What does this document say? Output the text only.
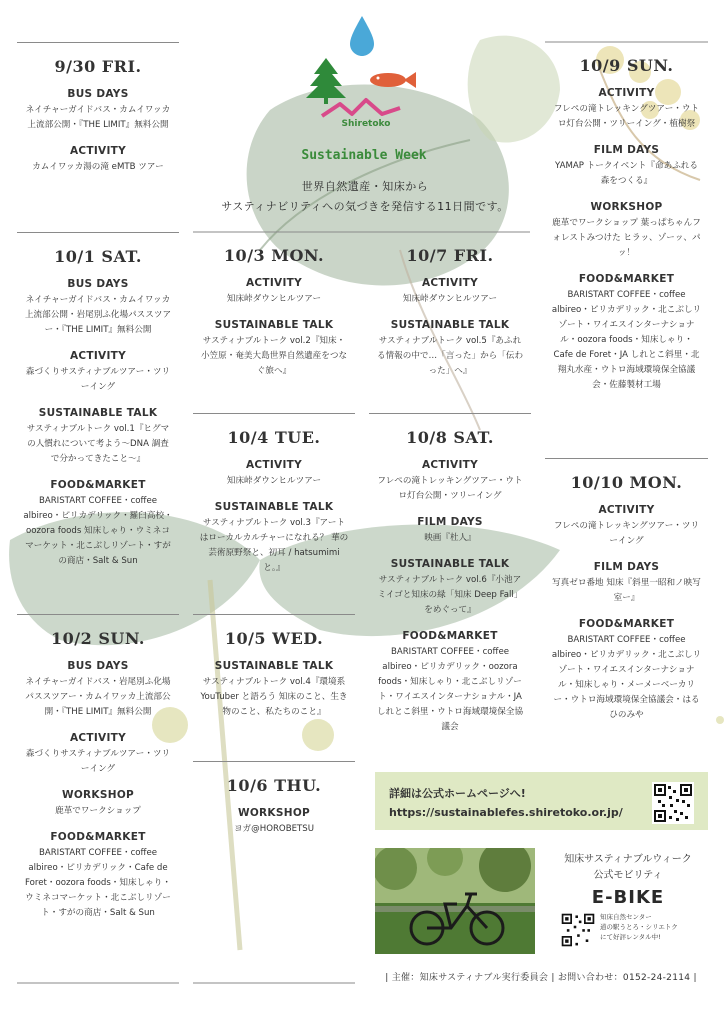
Shiretoko
Sustainable Week
世界自然遺産・知床から
サスティナビリティへの気づきを発信する11日間です。
9/30 FRI.
BUS DAYS
ネイチャーガイドバス・カムイワッカ上流部公開・『THE LIMIT』無料公開
ACTIVITY
カムイワッカ湯の滝 eMTB ツアー
10/1 SAT.
BUS DAYS
ネイチャーガイドバス・カムイワッカ上流部公開・岩尾別ふ化場パススツアー・『THE LIMIT』無料公開
ACTIVITY
森づくりサスティナブルツアー・ツリーイング
SUSTAINABLE TALK
サスティナブルトーク vol.1『ヒグマの人慣れについて考よう〜DNA 調査で分かってきたこと〜』
FOOD&MARKET
BARISTART COFFEE・coffee albireo・ピリカデリック・羅臼高校・oozora foods 知床しゃり・ウミネコマーケット・北こぶしリゾート・すがの商店・Salt & Sun
10/2 SUN.
BUS DAYS
ネイチャーガイドバス・岩尾別ふ化場パススツアー・カムイワッカ上流部公開・『THE LIMIT』無料公開
ACTIVITY
森づくりサスティナブルツアー・ツリーイング
WORKSHOP
鹿革でワークショップ
FOOD&MARKET
BARISTART COFFEE・coffee albireo・ピリカデリック・Cafe de Foret・oozora foods・知床しゃり・ウミネコマーケット・北こぶしリゾート・すがの商店・Salt & Sun
10/3 MON.
ACTIVITY
知床峠ダウンヒルツアー
SUSTAINABLE TALK
サスティナブルトーク vol.2『知床・小笠原・奄美大島世界自然遺産をつなぐ旅へ』
10/4 TUE.
ACTIVITY
知床峠ダウンヒルツアー
SUSTAINABLE TALK
サスティナブルトーク vol.3『アートはローカルカルチャーになれる？ 華の芸術原野祭と、初耳 / hatsumimi と。』
10/5 WED.
SUSTAINABLE TALK
サスティナブルトーク vol.4『環境系 YouTuber と語ろう 知床のこと、生き物のこと、私たちのこと』
10/6 THU.
WORKSHOP
ヨガ@HOROBETSU
10/7 FRI.
ACTIVITY
知床峠ダウンヒルツアー
SUSTAINABLE TALK
サスティナブルトーク vol.5『あふれる情報の中で…「言った」から「伝わった」へ』
10/8 SAT.
ACTIVITY
フレペの滝トレッキングツアー・ウトロ灯台公開・ツリーイング
FILM DAYS
映画『杜人』
SUSTAINABLE TALK
サスティナブルトーク vol.6『小池アミイゴと知床の緑「知床 Deep Fall」をめぐって』
FOOD&MARKET
BARISTART COFFEE・coffee albireo・ピリカデリック・oozora foods・知床しゃり・北こぶしリゾート・ワイエスインターナショナル・JA しれとこ斜里・ウトロ海域環境保全協議会
10/9 SUN.
ACTIVITY
フレペの滝トレッキングツアー・ウトロ灯台公開・ツリーイング・植樹祭
FILM DAYS
YAMAP トークイベント『命あふれる森をつくる』
WORKSHOP
鹿革でワークショップ 葉っぱちゃんフォレストみつけた ヒラッ、ゾーッ、パッ！
FOOD&MARKET
BARISTART COFFEE・coffee albireo・ピリカデリック・北こぶしリゾート・ワイエスインターナショナル・oozora foods・知床しゃり・Cafe de Foret・JA しれとこ斜里・北翔丸水産・ウトロ海域環境保全協議会・佐藤製材工場
10/10 MON.
ACTIVITY
フレペの滝トレッキングツアー・ツリーイング
FILM DAYS
写真ゼロ番地 知床『斜里一昭和ノ映写室ー』
FOOD&MARKET
BARISTART COFFEE・coffee albireo・ピリカデリック・北こぶしリゾート・ワイエスインターナショナル・知床しゃり・メーメーベーカリー・ウトロ海域環境保全協議会・はるひのみや
詳細は公式ホームページへ!
https://sustainablefes.shiretoko.or.jp/
知床サスティナブルウィーク
公式モビリティ
E-BIKE
知床自然センター
道の駅うとろ・シリエトク
にて好評レンタル中!
| 主催：知床サスティナブル実行委員会 | お問い合わせ：0152-24-2114 |
